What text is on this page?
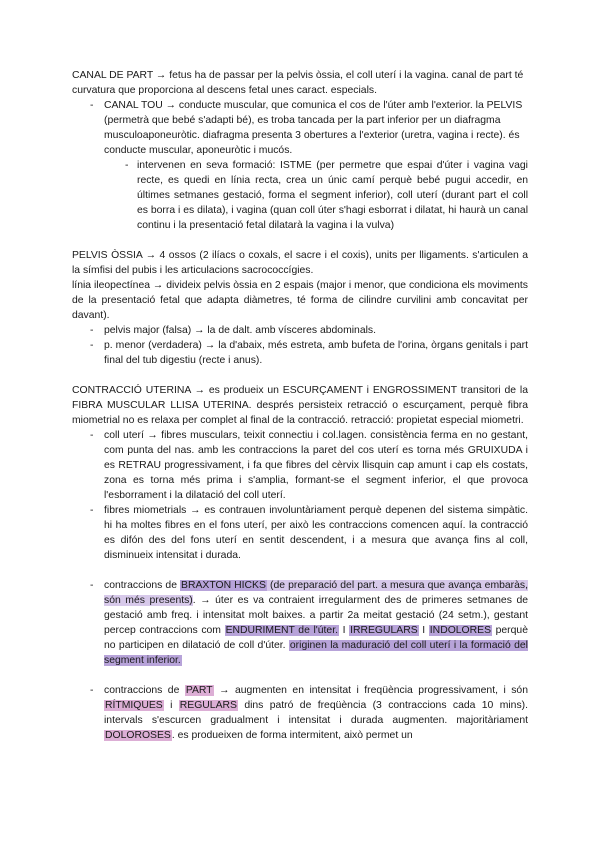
CANAL DE PART → fetus ha de passar per la pelvis òssia, el coll uterí i la vagina. canal de part té curvatura que proporciona al descens fetal unes caract. especials.

- CANAL TOU → conducte muscular, que comunica el cos de l'úter amb l'exterior. la PELVIS (permetrà que bebé s'adapti bé), es troba tancada per la part inferior per un diafragma musculoaponeuròtic. diafragma presenta 3 obertures a l'exterior (uretra, vagina i recte). és conducte muscular, aponeuròtic i mucós.

- intervenen en seva formació: ISTME (per permetre que espai d'úter i vagina vagi recte, es quedi en línia recta, crea un únic camí perquè bebé pugui accedir, en últimes setmanes gestació, forma el segment inferior), coll uterí (durant part el coll es borra i es dilata), i vagina (quan coll úter s'hagi esborrat i dilatat, hi haurà un canal continu i la presentació fetal dilatarà la vagina i la vulva)

PELVIS ÒSSIA → 4 ossos (2 ilíacs o coxals, el sacre i el coxis), units per lligaments. s'articulen a la símfisi del pubis i les articulacions sacrococcígies.

línia ileopectínea → divideix pelvis òssia en 2 espais (major i menor, que condiciona els moviments de la presentació fetal que adapta diàmetres, té forma de cilindre curvilini amb concavitat per davant).

- pelvis major (falsa) → la de dalt. amb vísceres abdominals.

- p. menor (verdadera) → la d'abaix, més estreta, amb bufeta de l'orina, òrgans genitals i part final del tub digestiu (recte i anus).

CONTRACCIÓ UTERINA → es produeix un ESCURÇAMENT i ENGROSSIMENT transitori de la FIBRA MUSCULAR LLISA UTERINA. després persisteix retracció o escurçament, perquè fibra miometrial no es relaxa per complet al final de la contracció. retracció: propietat especial miometri.

- coll uterí → fibres musculars, teixit connectiu i col.lagen. consistència ferma en no gestant, com punta del nas. amb les contraccions la paret del cos uterí es torna més GRUIXUDA i es RETRAU progressivament, i fa que fibres del cèrvix llisquin cap amunt i cap els costats, zona es torna més prima i s'amplia, formant-se el segment inferior, el que provoca l'esborrament i la dilatació del coll uterí.

- fibres miometrials → es contrauen involuntàriament perquè depenen del sistema simpàtic. hi ha moltes fibres en el fons uterí, per això les contraccions comencen aquí. la contracció es difón des del fons uterí en sentit descendent, i a mesura que avança fins al coll, disminueix intensitat i durada.

- contraccions de BRAXTON HICKS (de preparació del part. a mesura que avança embaràs, són més presents). → úter es va contraient irregularment des de primeres setmanes de gestació amb freq. i intensitat molt baixes. a partir 2a meitat gestació (24 setm.), gestant percep contraccions com ENDURIMENT de l'úter. I IRREGULARS I INDOLORES perquè no participen en dilatació de coll d'úter. originen la maduració del coll uterí i la formació del segment inferior.

- contraccions de PART → augmenten en intensitat i freqüència progressivament, i són RÍTMIQUES i REGULARS dins patró de freqüència (3 contraccions cada 10 mins). intervals s'escurcen gradualment i intensitat i durada augmenten. majoritàriament DOLOROSES. es produeixen de forma intermitent, això permet un
